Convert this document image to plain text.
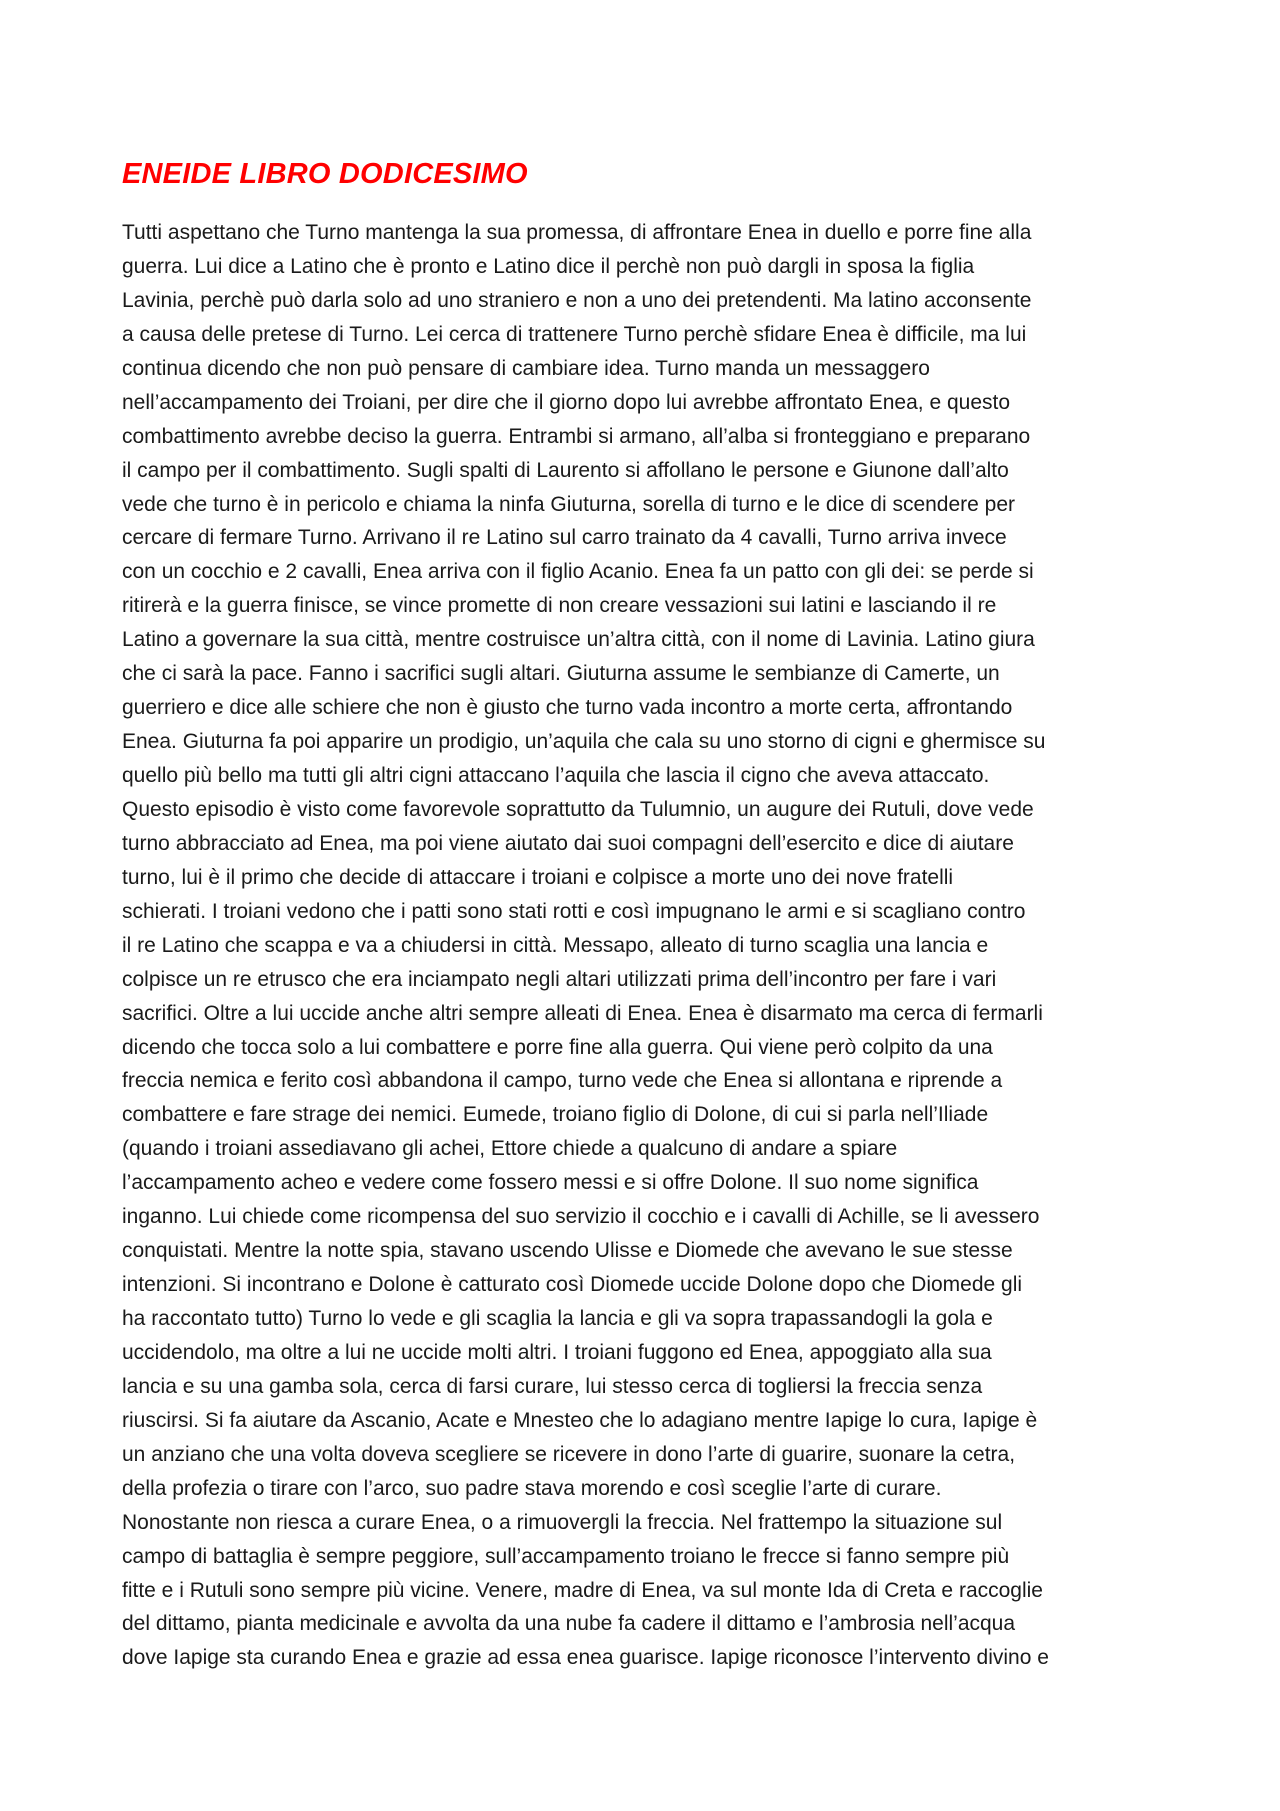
ENEIDE LIBRO DODICESIMO
Tutti aspettano che Turno mantenga la sua promessa, di affrontare Enea in duello e porre fine alla
guerra. Lui dice a Latino che è pronto e Latino dice il perchè non può dargli in sposa la figlia
Lavinia, perchè può darla solo ad uno straniero e non a uno dei pretendenti. Ma latino acconsente
a causa delle pretese di Turno. Lei cerca di trattenere Turno perchè sfidare Enea è difficile, ma lui
continua dicendo che non può pensare di cambiare idea. Turno manda un messaggero
nell’accampamento dei Troiani, per dire che il giorno dopo lui avrebbe affrontato Enea, e questo
combattimento avrebbe deciso la guerra. Entrambi si armano, all’alba si fronteggiano e preparano
il campo per il combattimento. Sugli spalti di Laurento si affollano le persone e Giunone dall’alto
vede che turno è in pericolo e chiama la ninfa Giuturna, sorella di turno e le dice di scendere per
cercare di fermare Turno. Arrivano il re Latino sul carro trainato da 4 cavalli, Turno arriva invece
con un cocchio e 2 cavalli, Enea arriva con il figlio Acanio. Enea fa un patto con gli dei: se perde si
ritirerà e la guerra finisce, se vince promette di non creare vessazioni sui latini e lasciando il re
Latino a governare la sua città, mentre costruisce un’altra città, con il nome di Lavinia. Latino giura
che ci sarà la pace. Fanno i sacrifici sugli altari. Giuturna assume le sembianze di Camerte, un
guerriero e dice alle schiere che non è giusto che turno vada incontro a morte certa, affrontando
Enea. Giuturna fa poi apparire un prodigio, un’aquila che cala su uno storno di cigni e ghermisce su
quello più bello ma tutti gli altri cigni attaccano l’aquila che lascia il cigno che aveva attaccato.
Questo episodio è visto come favorevole soprattutto da Tulumnio, un augure dei Rutuli, dove vede
turno abbracciato ad Enea, ma poi viene aiutato dai suoi compagni dell’esercito e dice di aiutare
turno, lui è il primo che decide di attaccare i troiani e colpisce a morte uno dei nove fratelli
schierati. I troiani vedono che i patti sono stati rotti e così impugnano le armi e si scagliano contro
il re Latino che scappa e va a chiudersi in città. Messapo, alleato di turno scaglia una lancia e
colpisce un re etrusco che era inciampato negli altari utilizzati prima dell’incontro per fare i vari
sacrifici. Oltre a lui uccide anche altri sempre alleati di Enea. Enea è disarmato ma cerca di fermarli
dicendo che tocca solo a lui combattere e porre fine alla guerra. Qui viene però colpito da una
freccia nemica e ferito così abbandona il campo, turno vede che Enea si allontana e riprende a
combattere e fare strage dei nemici. Eumede, troiano figlio di Dolone, di cui si parla nell’Iliade
(quando i troiani assediavano gli achei, Ettore chiede a qualcuno di andare a spiare
l’accampamento acheo e vedere come fossero messi e si offre Dolone. Il suo nome significa
inganno. Lui chiede come ricompensa del suo servizio il cocchio e i cavalli di Achille, se li avessero
conquistati. Mentre la notte spia, stavano uscendo Ulisse e Diomede che avevano le sue stesse
intenzioni. Si incontrano e Dolone è catturato così Diomede uccide Dolone dopo che Diomede gli
ha raccontato tutto) Turno lo vede e gli scaglia la lancia e gli va sopra trapassandogli la gola e
uccidendolo, ma oltre a lui ne uccide molti altri. I troiani fuggono ed Enea, appoggiato alla sua
lancia e su una gamba sola, cerca di farsi curare, lui stesso cerca di togliersi la freccia senza
riuscirsi. Si fa aiutare da Ascanio, Acate e Mnesteo che lo adagiano mentre Iapige lo cura, Iapige è
un anziano che una volta doveva scegliere se ricevere in dono l’arte di guarire, suonare la cetra,
della profezia o tirare con l’arco, suo padre stava morendo e così sceglie l’arte di curare.
Nonostante non riesca a curare Enea, o a rimuovergli la freccia. Nel frattempo la situazione sul
campo di battaglia è sempre peggiore, sull’accampamento troiano le frecce si fanno sempre più
fitte e i Rutuli sono sempre più vicine. Venere, madre di Enea, va sul monte Ida di Creta e raccoglie
del dittamo, pianta medicinale e avvolta da una nube fa cadere il dittamo e l’ambrosia nell’acqua
dove Iapige sta curando Enea e grazie ad essa enea guarisce. Iapige riconosce l’intervento divino e
